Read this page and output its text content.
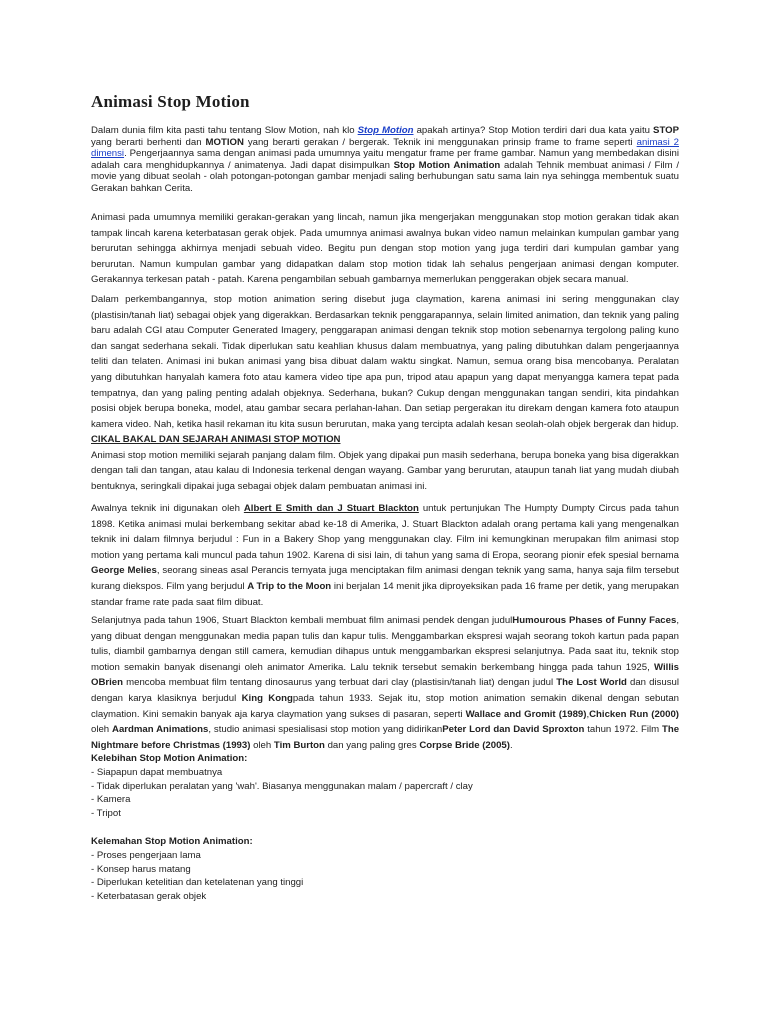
Animasi Stop Motion

Dalam dunia film kita pasti tahu tentang Slow Motion, nah klo Stop Motion apakah artinya? Stop Motion terdiri dari dua kata yaitu STOP yang berarti berhenti dan MOTION yang berarti gerakan / bergerak. Teknik ini menggunakan prinsip frame to frame seperti animasi 2 dimensi. Pengerjaannya sama dengan animasi pada umumnya yaitu mengatur frame per frame gambar. Namun yang membedakan disini adalah cara menghidupkannya / animatenya. Jadi dapat disimpulkan Stop Motion Animation adalah Tehnik membuat animasi / Film / movie yang dibuat seolah - olah potongan-potongan gambar menjadi saling berhubungan satu sama lain nya sehingga membentuk suatu Gerakan bahkan Cerita.

Animasi pada umumnya memiliki gerakan-gerakan yang lincah, namun jika mengerjakan menggunakan stop motion gerakan tidak akan tampak lincah karena keterbatasan gerak objek. Pada umumnya animasi awalnya bukan video namun melainkan kumpulan gambar yang berurutan sehingga akhirnya menjadi sebuah video. Begitu pun dengan stop motion yang juga terdiri dari kumpulan gambar yang berurutan. Namun kumpulan gambar yang didapatkan dalam stop motion tidak lah sehalus pengerjaan animasi dengan komputer. Gerakannya terkesan patah - patah. Karena pengambilan sebuah gambarnya memerlukan penggerakan objek secara manual.

Dalam perkembangannya, stop motion animation sering disebut juga claymation, karena animasi ini sering menggunakan clay (plastisin/tanah liat) sebagai objek yang digerakkan. Berdasarkan teknik penggarapannya, selain limited animation, dan teknik yang paling baru adalah CGI atau Computer Generated Imagery, penggarapan animasi dengan teknik stop motion sebenarnya tergolong paling kuno dan sangat sederhana sekali. Tidak diperlukan satu keahlian khusus dalam membuatnya, yang paling dibutuhkan dalam pengerjaannya teliti dan telaten. Animasi ini bukan animasi yang bisa dibuat dalam waktu singkat. Namun, semua orang bisa mencobanya. Peralatan yang dibutuhkan hanyalah kamera foto atau kamera video tipe apa pun, tripod atau apapun yang dapat menyangga kamera tepat pada tempatnya, dan yang paling penting adalah objeknya. Sederhana, bukan? Cukup dengan menggunakan tangan sendiri, kita pindahkan posisi objek berupa boneka, model, atau gambar secara perlahan-lahan. Dan setiap pergerakan itu direkam dengan kamera foto ataupun kamera video. Nah, ketika hasil rekaman itu kita susun berurutan, maka yang tercipta adalah kesan seolah-olah objek bergerak dan hidup.

CIKAL BAKAL DAN SEJARAH ANIMASI STOP MOTION

Animasi stop motion memiliki sejarah panjang dalam film. Objek yang dipakai pun masih sederhana, berupa boneka yang bisa digerakkan dengan tali dan tangan, atau kalau di Indonesia terkenal dengan wayang. Gambar yang berurutan, ataupun tanah liat yang mudah diubah bentuknya, seringkali dipakai juga sebagai objek dalam pembuatan animasi ini.

Awalnya teknik ini digunakan oleh Albert E Smith dan J Stuart Blackton untuk pertunjukan The Humpty Dumpty Circus pada tahun 1898. Ketika animasi mulai berkembang sekitar abad ke-18 di Amerika, J. Stuart Blackton adalah orang pertama kali yang mengenalkan teknik ini dalam filmnya berjudul : Fun in a Bakery Shop yang menggunakan clay. Film ini kemungkinan merupakan film animasi stop motion yang pertama kali muncul pada tahun 1902. Karena di sisi lain, di tahun yang sama di Eropa, seorang pionir efek spesial bernama George Melies, seorang sineas asal Perancis ternyata juga menciptakan film animasi dengan teknik yang sama, hanya saja film tersebut kurang diekspos. Film yang berjudul A Trip to the Moon ini berjalan 14 menit jika diproyeksikan pada 16 frame per detik, yang merupakan standar frame rate pada saat film dibuat.

Selanjutnya pada tahun 1906, Stuart Blackton kembali membuat film animasi pendek dengan judulHumourous Phases of Funny Faces, yang dibuat dengan menggunakan media papan tulis dan kapur tulis. Menggambarkan ekspresi wajah seorang tokoh kartun pada papan tulis, diambil gambarnya dengan still camera, kemudian dihapus untuk menggambarkan ekspresi selanjutnya. Pada saat itu, teknik stop motion semakin banyak disenangi oleh animator Amerika. Lalu teknik tersebut semakin berkembang hingga pada tahun 1925, Willis OBrien mencoba membuat film tentang dinosaurus yang terbuat dari clay (plastisin/tanah liat) dengan judul The Lost World dan disusul dengan karya klasiknya berjudul King Kongpada tahun 1933. Sejak itu, stop motion animation semakin dikenal dengan sebutan claymation. Kini semakin banyak aja karya claymation yang sukses di pasaran, seperti Wallace and Gromit (1989),Chicken Run (2000) oleh Aardman Animations, studio animasi spesialisasi stop motion yang didirikanPeter Lord dan David Sproxton tahun 1972. Film The Nightmare before Christmas (1993) oleh Tim Burton dan yang paling gres Corpse Bride (2005).

Kelebihan Stop Motion Animation:
- Siapapun dapat membuatnya
- Tidak diperlukan peralatan yang 'wah'. Biasanya menggunakan malam / papercraft / clay
- Kamera
- Tripot
Kelemahan Stop Motion Animation:
- Proses pengerjaan lama
- Konsep harus matang
- Diperlukan ketelitian dan ketelatenan yang tinggi
- Keterbatasan gerak objek
